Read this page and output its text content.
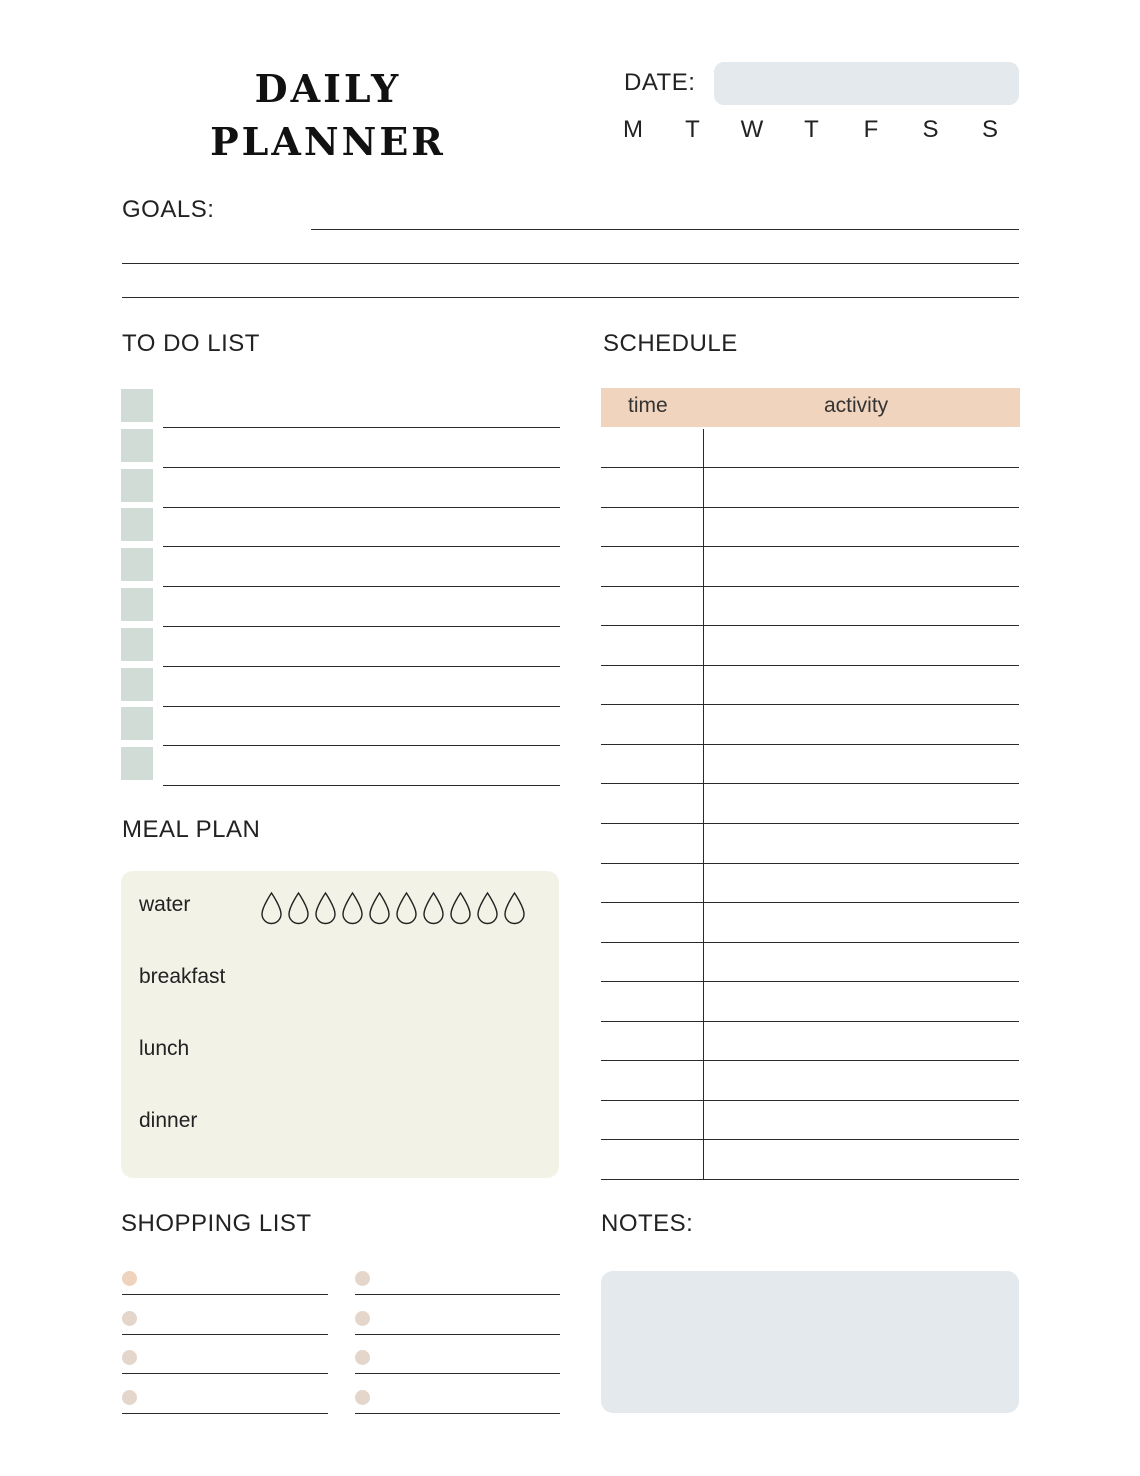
DAILY
PLANNER
DATE:
M	T	W	T	F	S	S
GOALS:
TO DO LIST	SCHEDULE
time	activity
MEAL PLAN
water
breakfast
lunch
dinner
SHOPPING LIST	NOTES:
